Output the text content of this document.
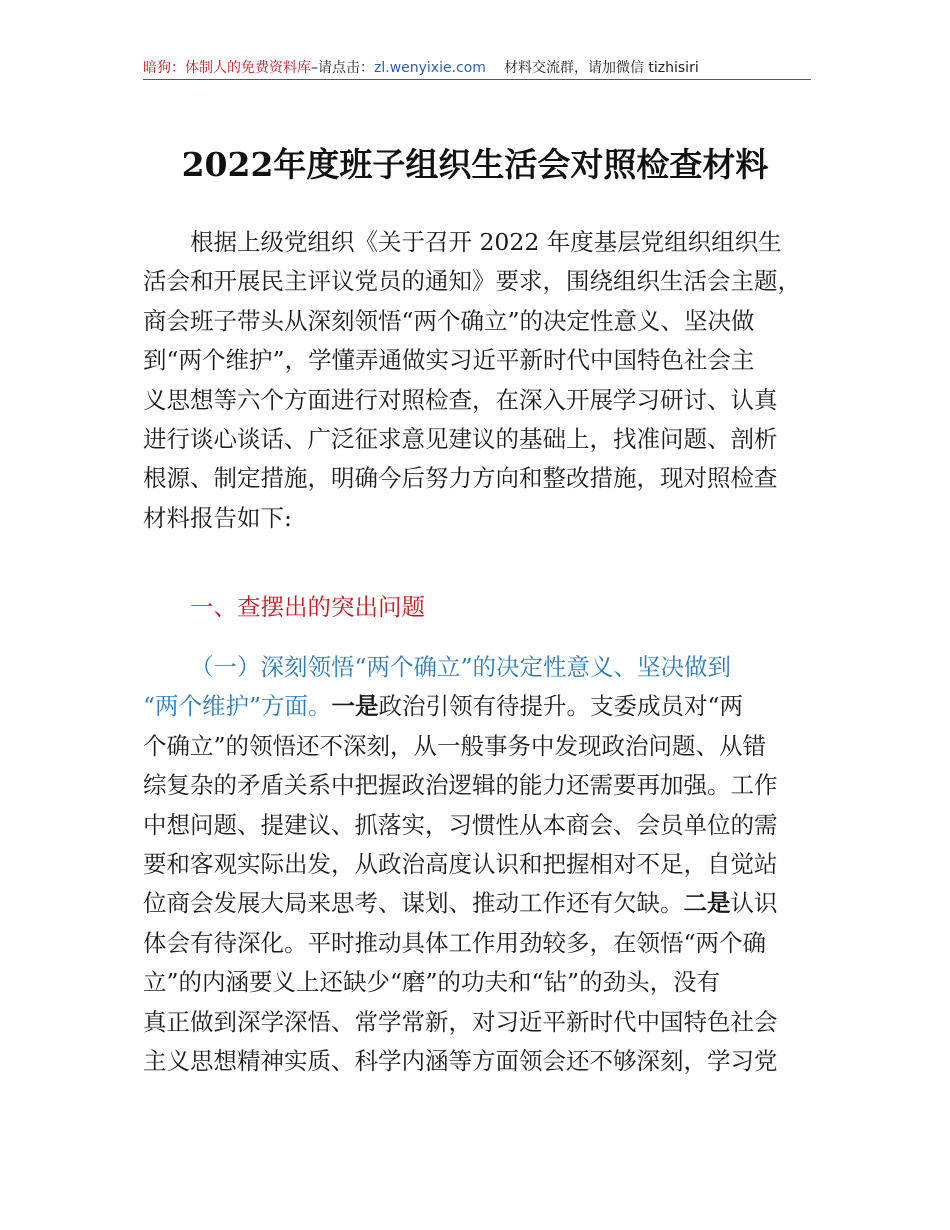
暗狗：体制人的免费资料库–请点击：zl.wenyixie.com 材料交流群，请加微信 tizhisiri
2022年度班子组织生活会对照检查材料
根据上级党组织《关于召开 2022 年度基层党组织组织生
活会和开展民主评议党员的通知》要求，围绕组织生活会主题，
商会班子带头从深刻领悟“两个确立”的决定性意义、坚决做
到“两个维护”，学懂弄通做实习近平新时代中国特色社会主
义思想等六个方面进行对照检查，在深入开展学习研讨、认真
进行谈心谈话、广泛征求意见建议的基础上，找准问题、剖析
根源、制定措施，明确今后努力方向和整改措施，现对照检查
材料报告如下:
一、查摆出的突出问题
（一）深刻领悟“两个确立”的决定性意义、坚决做到
“两个维护”方面。一是政治引领有待提升。支委成员对“两
个确立”的领悟还不深刻，从一般事务中发现政治问题、从错
综复杂的矛盾关系中把握政治逻辑的能力还需要再加强。工作
中想问题、提建议、抓落实，习惯性从本商会、会员单位的需
要和客观实际出发，从政治高度认识和把握相对不足，自觉站
位商会发展大局来思考、谋划、推动工作还有欠缺。二是认识
体会有待深化。平时推动具体工作用劲较多，在领悟“两个确
立”的内涵要义上还缺少“磨”的功夫和“钻”的劲头，没有
真正做到深学深悟、常学常新，对习近平新时代中国特色社会
主义思想精神实质、科学内涵等方面领会还不够深刻，学习党
